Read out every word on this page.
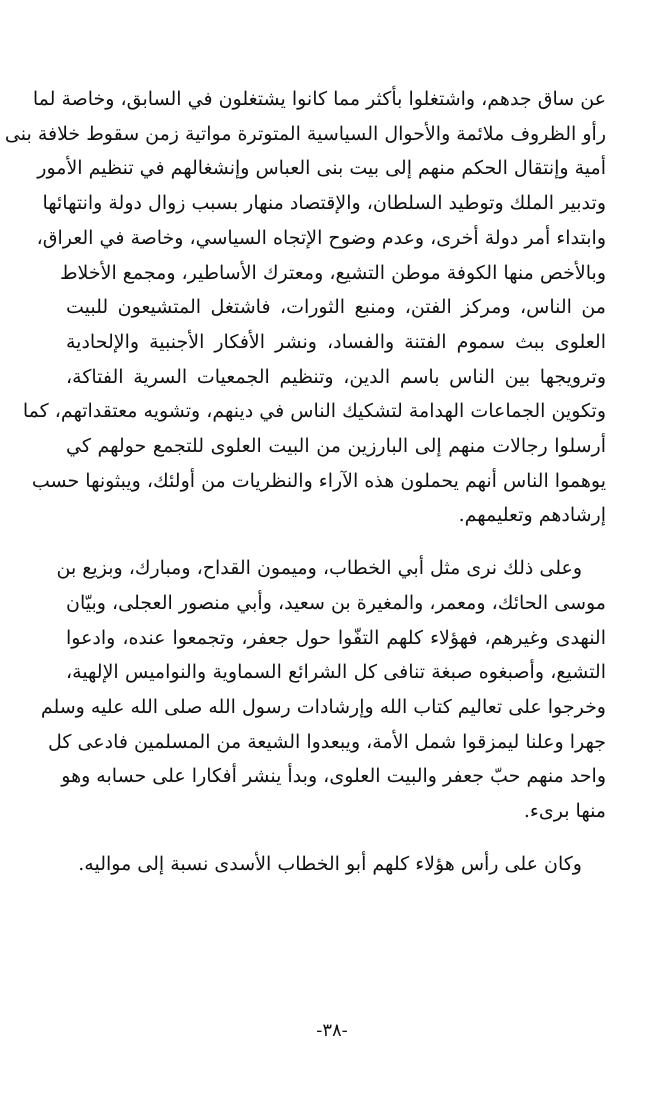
عن ساق جدهم، واشتغلوا بأكثر مما كانوا يشتغلون في السابق، وخاصة لما
رأو الظروف ملائمة والأحوال السياسية المتوترة مواتية زمن سقوط خلافة بنى
أمية وإنتقال الحكم منهم إلى بيت بنى العباس وإنشغالهم في تنظيم الأمور
وتدبير الملك وتوطيد السلطان، والإقتصاد منهار بسبب زوال دولة وانتهائها
وابتداء أمر دولة أخرى، وعدم وضوح الإتجاه السياسي، وخاصة في العراق،
وبالأخص منها الكوفة موطن التشيع، ومعترك الأساطير، ومجمع الأخلاط
من الناس، ومركز الفتن، ومنبع الثورات، فاشتغل المتشيعون للبيت
العلوى ببث سموم الفتنة والفساد، ونشر الأفكار الأجنبية والإلحادية
وترويجها بين الناس باسم الدين، وتنظيم الجمعيات السرية الفتاكة،
وتكوين الجماعات الهدامة لتشكيك الناس في دينهم، وتشويه معتقداتهم، كما
أرسلوا رجالات منهم إلى البارزين من البيت العلوى للتجمع حولهم كي
يوهموا الناس أنهم يحملون هذه الآراء والنظريات من أولئك، ويبثونها حسب
إرشادهم وتعليمهم.
وعلى ذلك نرى مثل أبي الخطاب، وميمون القداح، ومبارك، وبزيع بن
موسى الحائك، ومعمر، والمغيرة بن سعيد، وأبي منصور العجلى، وبيّان
النهدى وغيرهم، فهؤلاء كلهم التفّوا حول جعفر، وتجمعوا عنده، وادعوا
التشيع، وأصبغوه صبغة تنافى كل الشرائع السماوية والنواميس الإلهية،
وخرجوا على تعاليم كتاب الله وإرشادات رسول الله صلى الله عليه وسلم
جهرا وعلنا ليمزقوا شمل الأمة، ويبعدوا الشيعة من المسلمين فادعى كل
واحد منهم حبّ جعفر والبيت العلوى، وبدأ ينشر أفكارا على حسابه وهو
منها برىء.
وكان على رأس هؤلاء كلهم أبو الخطاب الأسدى نسبة إلى مواليه.
-٣٨-
